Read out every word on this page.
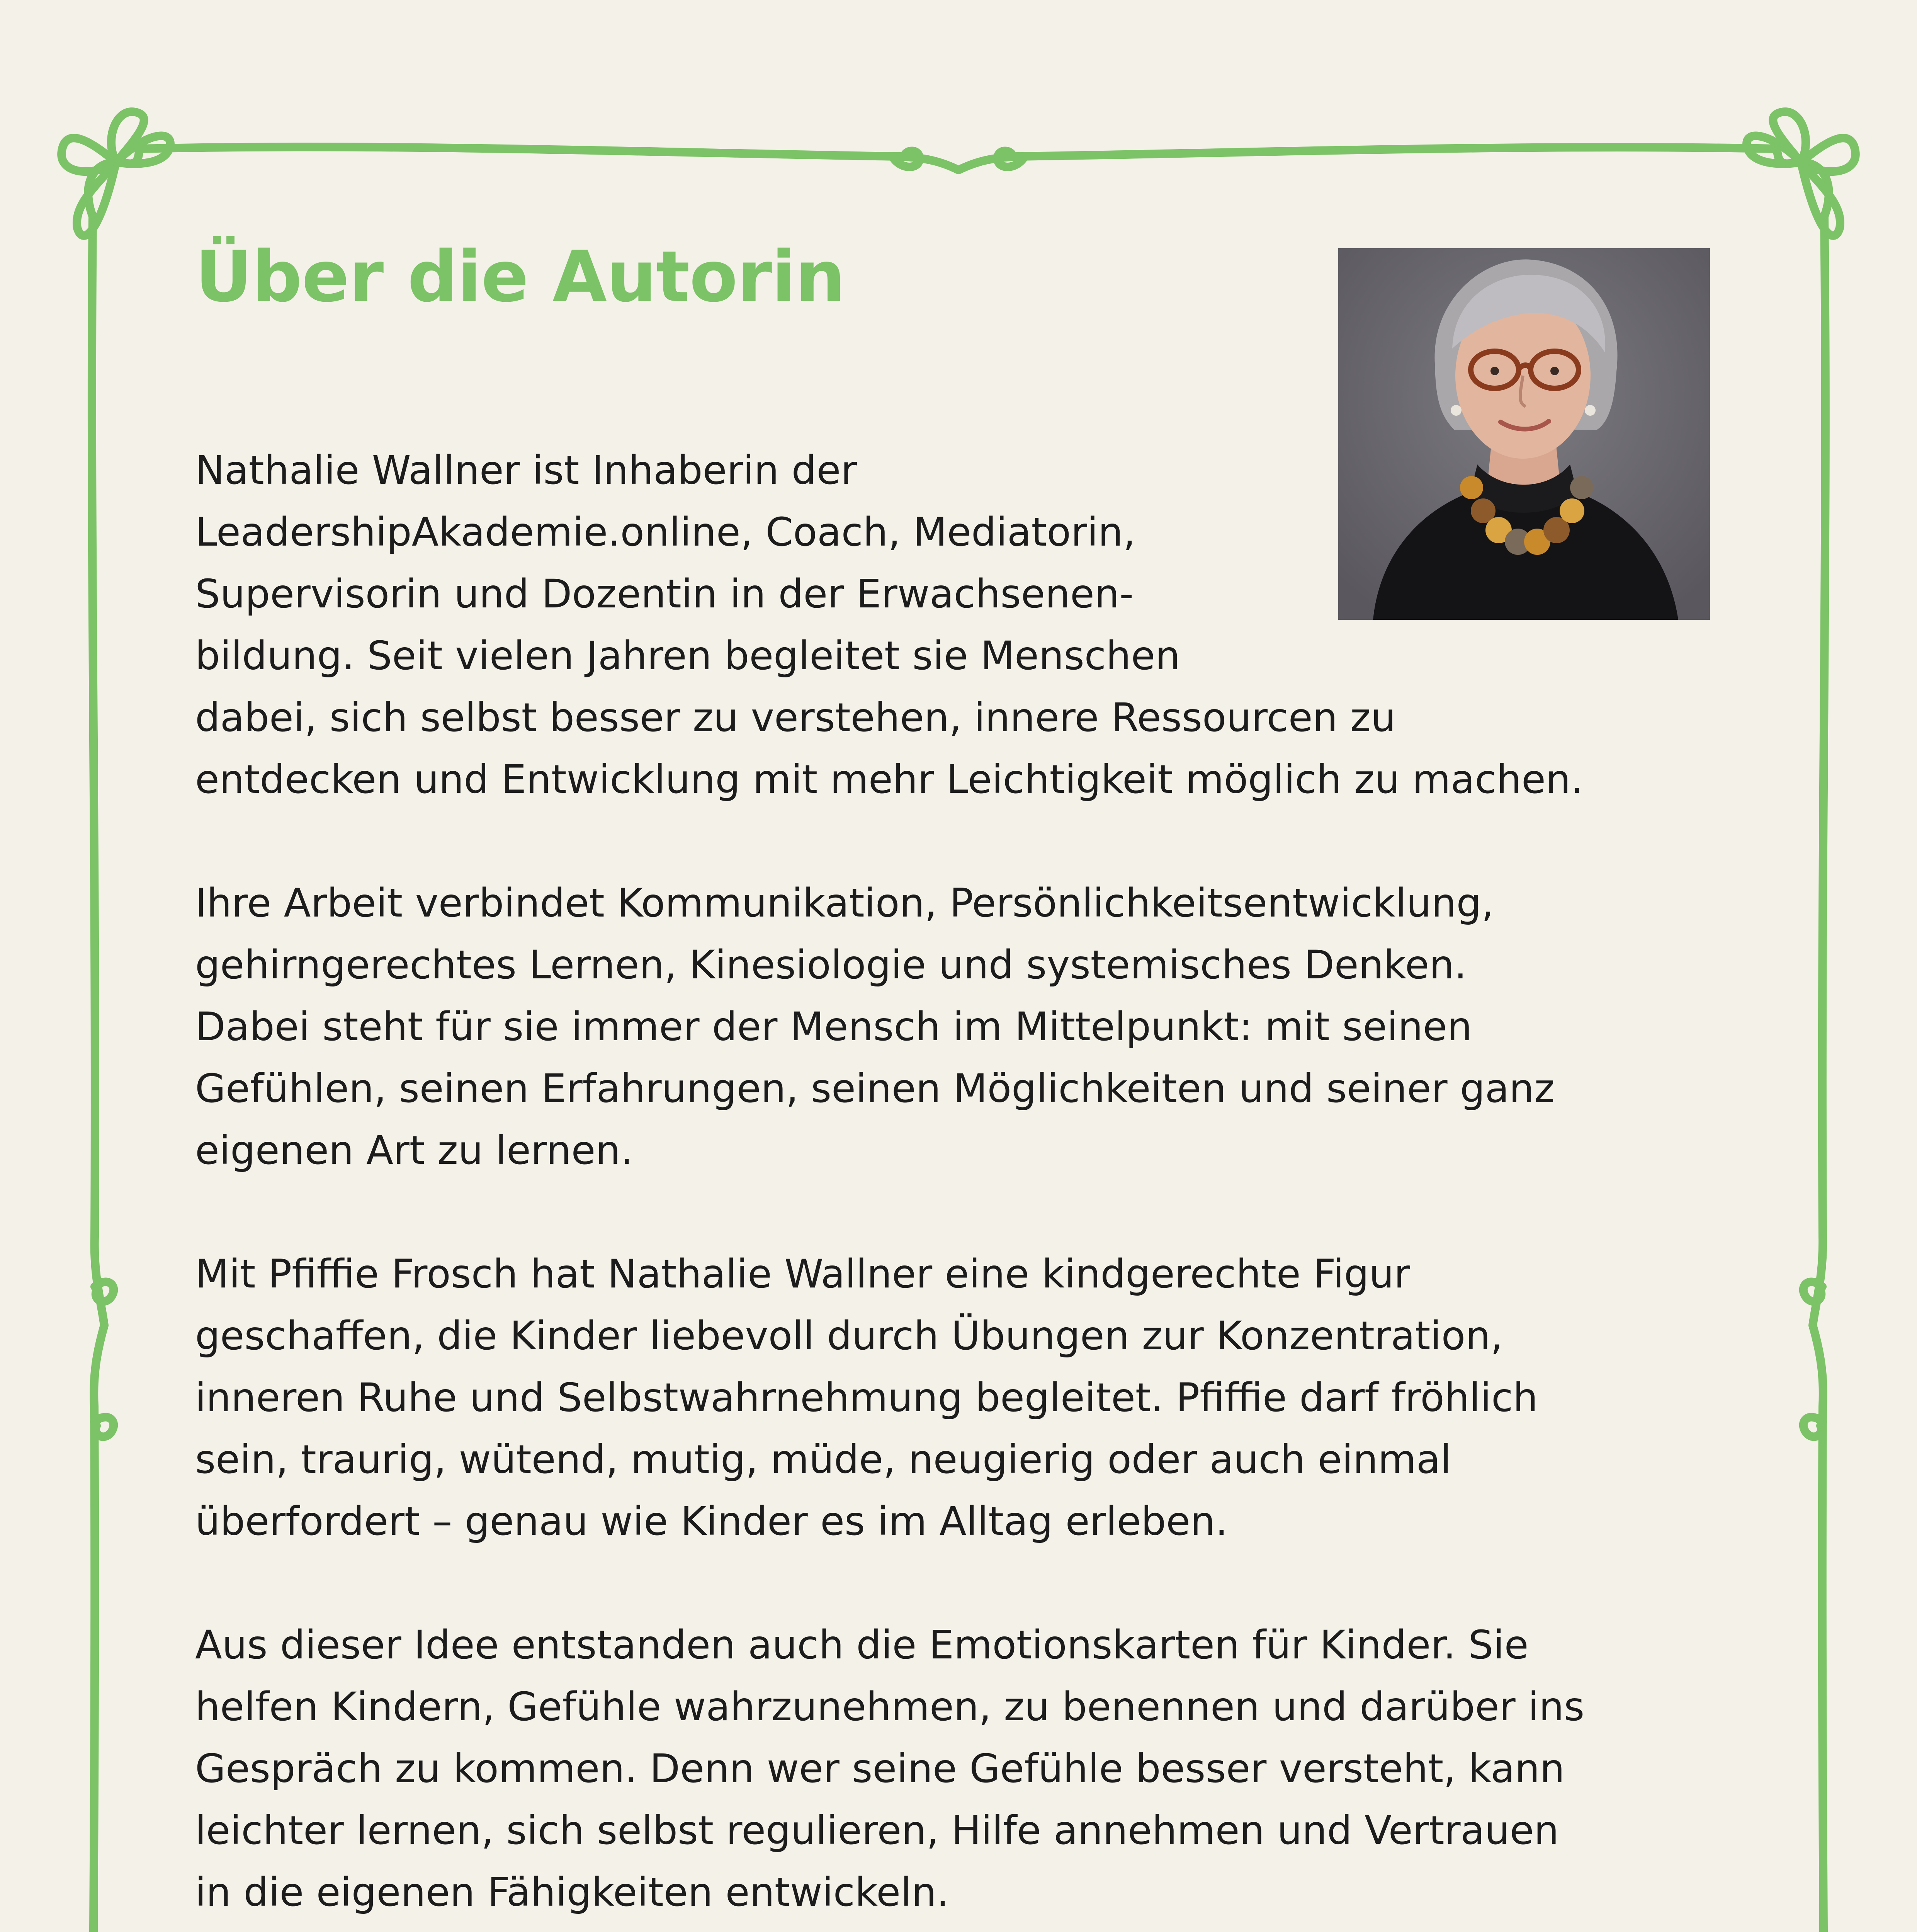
Über die Autorin

Nathalie Wallner ist Inhaberin der
LeadershipAkademie.online, Coach, Mediatorin,
Supervisorin und Dozentin in der Erwachsenen-
bildung. Seit vielen Jahren begleitet sie Menschen
dabei, sich selbst besser zu verstehen, innere Ressourcen zu
entdecken und Entwicklung mit mehr Leichtigkeit möglich zu machen.

Ihre Arbeit verbindet Kommunikation, Persönlichkeitsentwicklung,
gehirngerechtes Lernen, Kinesiologie und systemisches Denken.
Dabei steht für sie immer der Mensch im Mittelpunkt: mit seinen
Gefühlen, seinen Erfahrungen, seinen Möglichkeiten und seiner ganz
eigenen Art zu lernen.

Mit Pfiffie Frosch hat Nathalie Wallner eine kindgerechte Figur
geschaffen, die Kinder liebevoll durch Übungen zur Konzentration,
inneren Ruhe und Selbstwahrnehmung begleitet. Pfiffie darf fröhlich
sein, traurig, wütend, mutig, müde, neugierig oder auch einmal
überfordert – genau wie Kinder es im Alltag erleben.

Aus dieser Idee entstanden auch die Emotionskarten für Kinder. Sie
helfen Kindern, Gefühle wahrzunehmen, zu benennen und darüber ins
Gespräch zu kommen. Denn wer seine Gefühle besser versteht, kann
leichter lernen, sich selbst regulieren, Hilfe annehmen und Vertrauen
in die eigenen Fähigkeiten entwickeln.
